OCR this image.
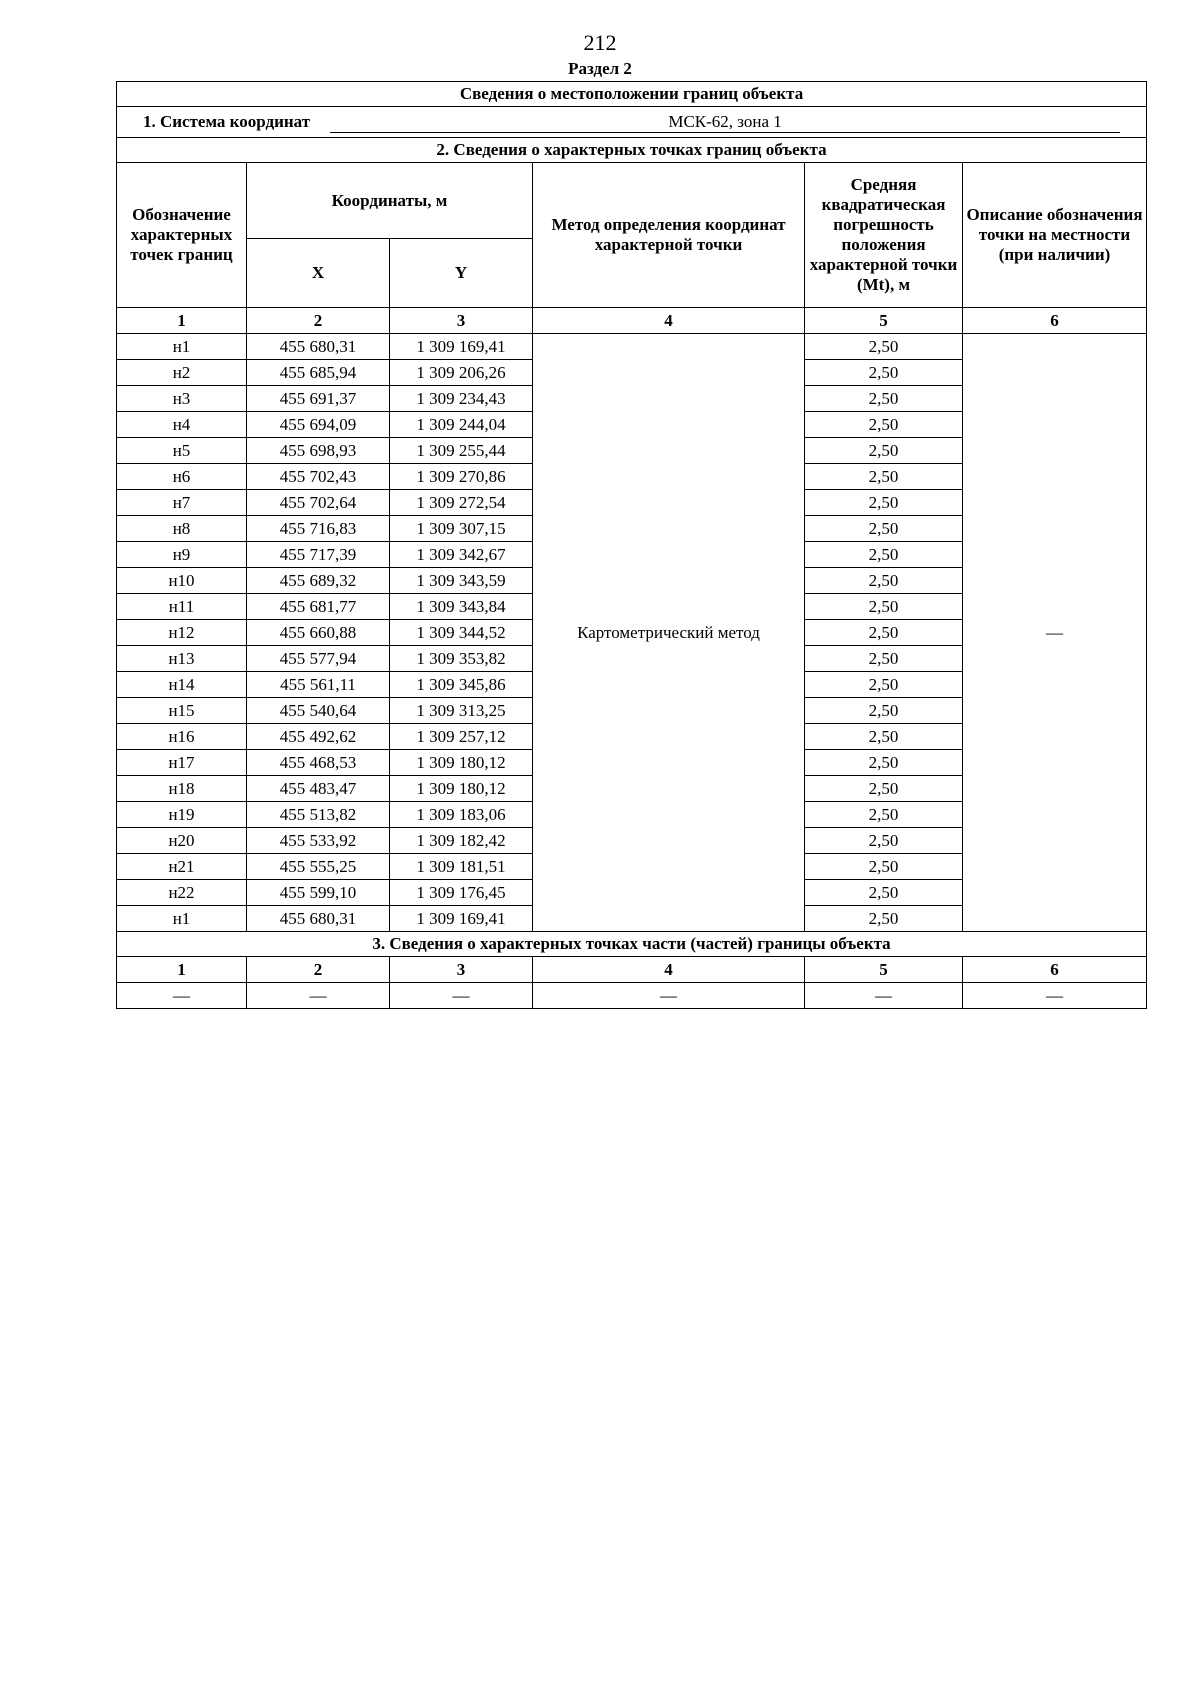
212
Раздел 2
Сведения о местоположении границ объекта					
1. Система координат МСК-62, зона 1					
2. Сведения о характерных точках границ объекта					
Обозначение характерных точек границ	Координаты, м		Метод определения координат характерной точки	Средняя квадратическая погрешность положения характерной точки (Mt), м	Описание обозначения точки на местности (при наличии)
	X	Y			
1	2	3	4	5	6
н1	455 680,31	1 309 169,41	Картометрический метод	2,50	—
н2	455 685,94	1 309 206,26		2,50	
н3	455 691,37	1 309 234,43		2,50	
н4	455 694,09	1 309 244,04		2,50	
н5	455 698,93	1 309 255,44		2,50	
н6	455 702,43	1 309 270,86		2,50	
н7	455 702,64	1 309 272,54		2,50	
н8	455 716,83	1 309 307,15		2,50	
н9	455 717,39	1 309 342,67		2,50	
н10	455 689,32	1 309 343,59		2,50	
н11	455 681,77	1 309 343,84		2,50	
н12	455 660,88	1 309 344,52		2,50	
н13	455 577,94	1 309 353,82		2,50	
н14	455 561,11	1 309 345,86		2,50	
н15	455 540,64	1 309 313,25		2,50	
н16	455 492,62	1 309 257,12		2,50	
н17	455 468,53	1 309 180,12		2,50	
н18	455 483,47	1 309 180,12		2,50	
н19	455 513,82	1 309 183,06		2,50	
н20	455 533,92	1 309 182,42		2,50	
н21	455 555,25	1 309 181,51		2,50	
н22	455 599,10	1 309 176,45		2,50	
н1	455 680,31	1 309 169,41		2,50	
3. Сведения о характерных точках части (частей) границы объекта					
1	2	3	4	5	6
—	—	—	—	—	—
